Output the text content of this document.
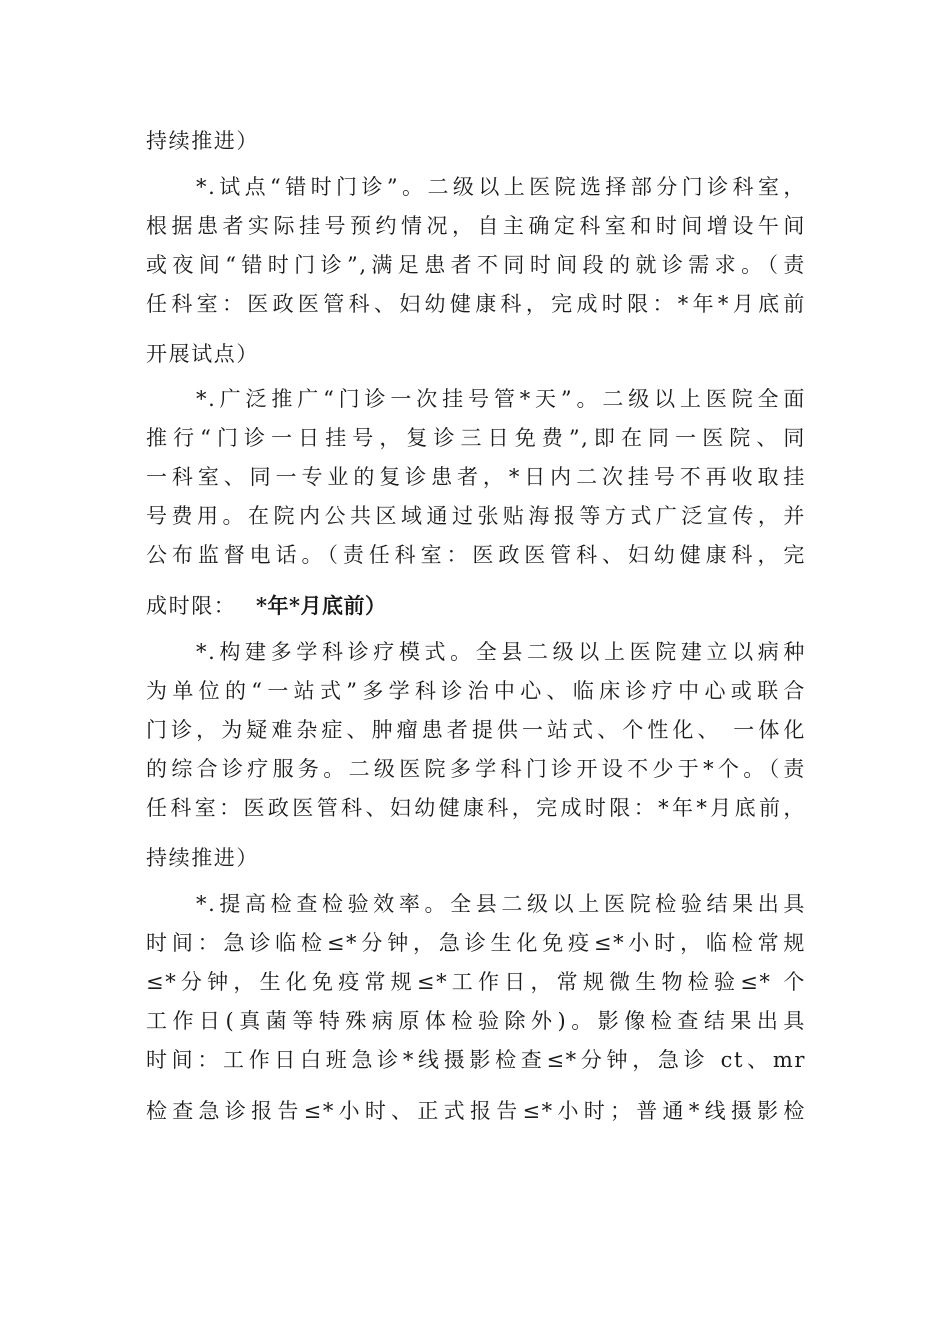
持续推进）
*.试点“错时门诊”。二级以上医院选择部分门诊科室，
根据患者实际挂号预约情况，自主确定科室和时间增设午间
或夜间“错时门诊”,满足患者不同时间段的就诊需求。（责
任科室：医政医管科、妇幼健康科，完成时限：*年*月底前
开展试点）
*.广泛推广“门诊一次挂号管*天”。二级以上医院全面
推行“门诊一日挂号，复诊三日免费”,即在同一医院、同
一科室、同一专业的复诊患者，*日内二次挂号不再收取挂
号费用。在院内公共区域通过张贴海报等方式广泛宣传，并
公布监督电话。（责任科室：医政医管科、妇幼健康科，完
成时限： *年*月底前）
*.构建多学科诊疗模式。全县二级以上医院建立以病种
为单位的“一站式”多学科诊治中心、临床诊疗中心或联合
门诊，为疑难杂症、肿瘤患者提供一站式、个性化、 一体化
的综合诊疗服务。二级医院多学科门诊开设不少于*个。（责
任科室：医政医管科、妇幼健康科，完成时限：*年*月底前，
持续推进）
*.提高检查检验效率。全县二级以上医院检验结果出具
时间：急诊临检≤*分钟，急诊生化免疫≤*小时，临检常规
≤*分钟，生化免疫常规≤*工作日，常规微生物检验≤* 个
工作日(真菌等特殊病原体检验除外)。影像检查结果出具
时间：工作日白班急诊*线摄影检查≤*分钟，急诊 ct、mr
检查急诊报告≤*小时、正式报告≤*小时；普通*线摄影检
